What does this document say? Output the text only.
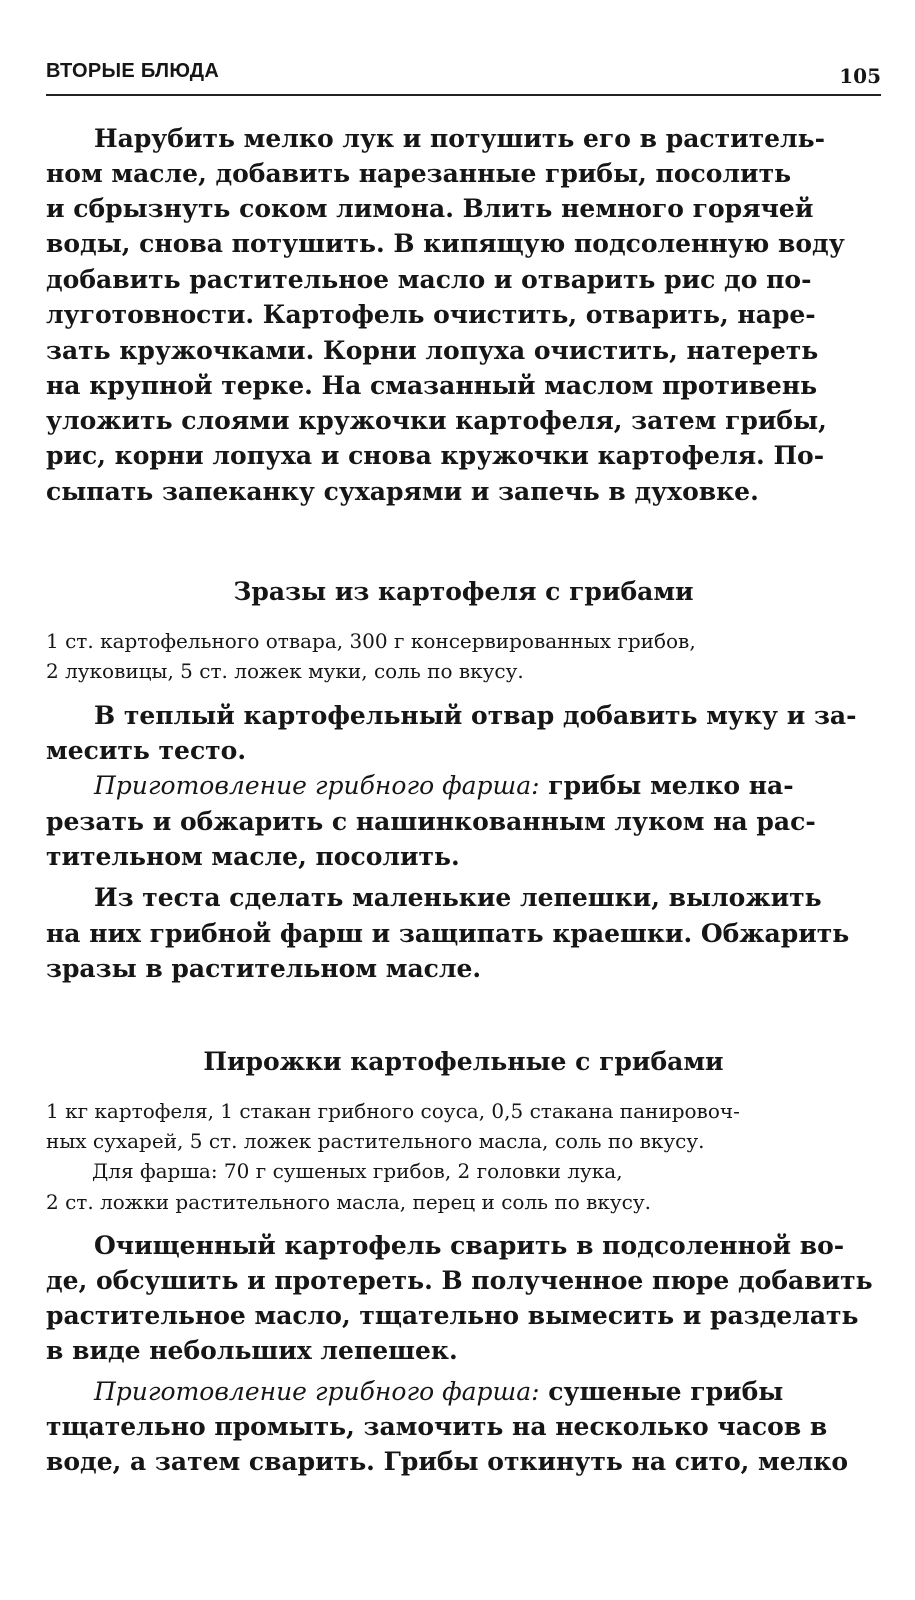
ВТОРЫЕ БЛЮДА	105
Нарубить мелко лук и потушить его в раститель-
ном масле, добавить нарезанные грибы, посолить
и сбрызнуть соком лимона. Влить немного горячей
воды, снова потушить. В кипящую подсоленную воду
добавить растительное масло и отварить рис до по-
луготовности. Картофель очистить, отварить, наре-
зать кружочками. Корни лопуха очистить, натереть
на крупной терке. На смазанный маслом противень
уложить слоями кружочки картофеля, затем грибы,
рис, корни лопуха и снова кружочки картофеля. По-
сыпать запеканку сухарями и запечь в духовке.
Зразы из картофеля с грибами
1 ст. картофельного отвара, 300 г консервированных грибов,
2 луковицы, 5 ст. ложек муки, соль по вкусу.
В теплый картофельный отвар добавить муку и за-
месить тесто.
Приготовление грибного фарша: грибы мелко на-
резать и обжарить с нашинкованным луком на рас-
тительном масле, посолить.
Из теста сделать маленькие лепешки, выложить
на них грибной фарш и защипать краешки. Обжарить
зразы в растительном масле.
Пирожки картофельные с грибами
1 кг картофеля, 1 стакан грибного соуса, 0,5 стакана панировоч-
ных сухарей, 5 ст. ложек растительного масла, соль по вкусу.
Для фарша: 70 г сушеных грибов, 2 головки лука,
2 ст. ложки растительного масла, перец и соль по вкусу.
Очищенный картофель сварить в подсоленной во-
де, обсушить и протереть. В полученное пюре добавить
растительное масло, тщательно вымесить и разделать
в виде небольших лепешек.
Приготовление грибного фарша: сушеные грибы
тщательно промыть, замочить на несколько часов в
воде, а затем сварить. Грибы откинуть на сито, мелко
